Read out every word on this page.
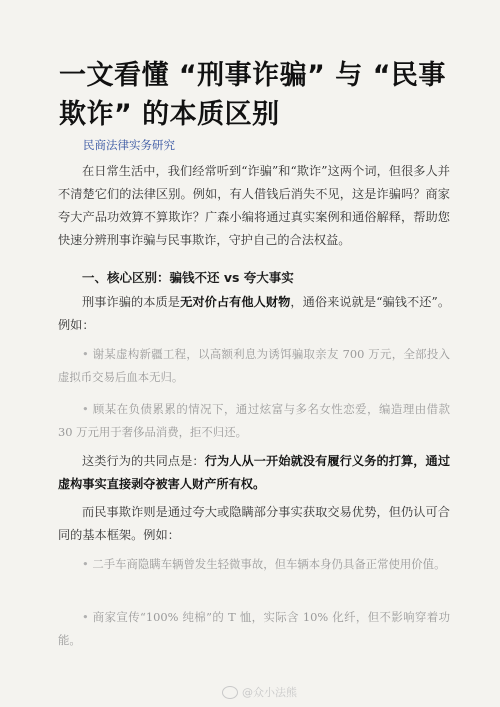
一文看懂 “刑事诈骗” 与 “民事欺诈” 的本质区别
民商法律实务研究
在日常生活中，我们经常听到“诈骗”和“欺诈”这两个词，但很多人并不清楚它们的法律区别。例如，有人借钱后消失不见，这是诈骗吗？商家夸大产品功效算不算欺诈？广森小编将通过真实案例和通俗解释，帮助您快速分辨刑事诈骗与民事欺诈，守护自己的合法权益。
一、核心区别：骗钱不还 vs 夸大事实
刑事诈骗的本质是无对价占有他人财物，通俗来说就是“骗钱不还”。例如：
• 谢某虚构新疆工程，以高额利息为诱饵骗取亲友 700 万元，全部投入虚拟币交易后血本无归。
• 顾某在负债累累的情况下，通过炫富与多名女性恋爱，编造理由借款 30 万元用于奢侈品消费，拒不归还。
这类行为的共同点是：行为人从一开始就没有履行义务的打算，通过虚构事实直接剥夺被害人财产所有权。
而民事欺诈则是通过夸大或隐瞒部分事实获取交易优势，但仍认可合同的基本框架。例如：
• 二手车商隐瞒车辆曾发生轻微事故，但车辆本身仍具备正常使用价值。
• 商家宣传“100% 纯棉”的 T 恤，实际含 10% 化纤，但不影响穿着功能。
@众小法熊
